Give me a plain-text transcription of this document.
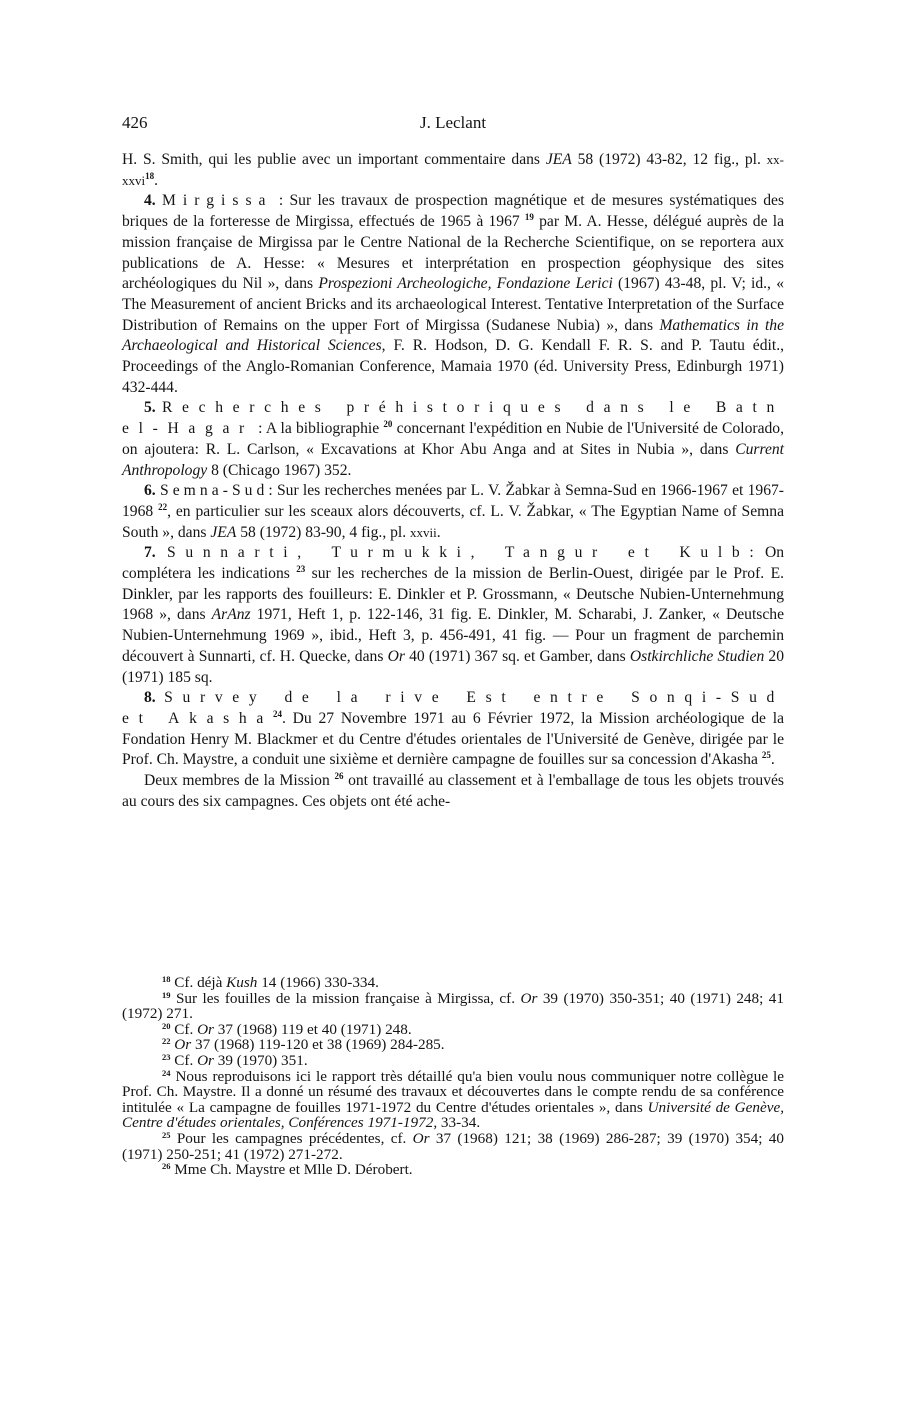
426	J. Leclant

H. S. Smith, qui les publie avec un important commentaire dans JEA 58 (1972) 43-82, 12 fig., pl. xx-xxvi$^{18}$.

4. Mirgissa : Sur les travaux de prospection magnétique et de mesures systématiques des briques de la forteresse de Mirgissa, effectués de 1965 à 1967 $^{19}$ par M. A. Hesse, délégué auprès de la mission française de Mirgissa par le Centre National de la Recherche Scientifique, on se reportera aux publications de A. Hesse: « Mesures et interprétation en prospection géophysique des sites archéologiques du Nil », dans Prospezioni Archeologiche, Fondazione Lerici (1967) 43-48, pl. V; id., « The Measurement of ancient Bricks and its archaeological Interest. Tentative Interpretation of the Surface Distribution of Remains on the upper Fort of Mirgissa (Sudanese Nubia) », dans Mathematics in the Archaeological and Historical Sciences, F. R. Hodson, D. G. Kendall F. R. S. and P. Tautu édit., Proceedings of the Anglo-Romanian Conference, Mamaia 1970 (éd. University Press, Edinburgh 1971) 432-444.

5. Recherches préhistoriques dans le Batn el-Hagar : A la bibliographie $^{20}$ concernant l'expédition en Nubie de l'Université de Colorado, on ajoutera: R. L. Carlson, « Excavations at Khor Abu Anga and at Sites in Nubia », dans Current Anthropology 8 (Chicago 1967) 352.

6. Semna-Sud: Sur les recherches menées par L. V. Žabkar à Semna-Sud en 1966-1967 et 1967-1968 $^{22}$, en particulier sur les sceaux alors découverts, cf. L. V. Žabkar, « The Egyptian Name of Semna South », dans JEA 58 (1972) 83-90, 4 fig., pl. xxvii.

7. Sunnarti, Turmukki, Tangur et Kulb: On complétera les indications $^{23}$ sur les recherches de la mission de Berlin-Ouest, dirigée par le Prof. E. Dinkler, par les rapports des fouilleurs: E. Dinkler et P. Grossmann, « Deutsche Nubien-Unternehmung 1968 », dans ArAnz 1971, Heft 1, p. 122-146, 31 fig. E. Dinkler, M. Scharabi, J. Zanker, « Deutsche Nubien-Unternehmung 1969 », ibid., Heft 3, p. 456-491, 41 fig. — Pour un fragment de parchemin découvert à Sunnarti, cf. H. Quecke, dans Or 40 (1971) 367 sq. et Gamber, dans Ostkirchliche Studien 20 (1971) 185 sq.

8. Survey de la rive Est entre Sonqi-Sud et Akasha$^{24}$. Du 27 Novembre 1971 au 6 Février 1972, la Mission archéologique de la Fondation Henry M. Blackmer et du Centre d'études orientales de l'Université de Genève, dirigée par le Prof. Ch. Maystre, a conduit une sixième et dernière campagne de fouilles sur sa concession d'Akasha $^{25}$.

Deux membres de la Mission $^{26}$ ont travaillé au classement et à l'emballage de tous les objets trouvés au cours des six campagnes. Ces objets ont été ache-

$^{18}$ Cf. déjà Kush 14 (1966) 330-334.

$^{19}$ Sur les fouilles de la mission française à Mirgissa, cf. Or 39 (1970) 350-351; 40 (1971) 248; 41 (1972) 271.

$^{20}$ Cf. Or 37 (1968) 119 et 40 (1971) 248.

$^{22}$ Or 37 (1968) 119-120 et 38 (1969) 284-285.

$^{23}$ Cf. Or 39 (1970) 351.

$^{24}$ Nous reproduisons ici le rapport très détaillé qu'a bien voulu nous communiquer notre collègue le Prof. Ch. Maystre. Il a donné un résumé des travaux et découvertes dans le compte rendu de sa conférence intitulée « La campagne de fouilles 1971-1972 du Centre d'études orientales », dans Université de Genève, Centre d'études orientales, Conférences 1971-1972, 33-34.

$^{25}$ Pour les campagnes précédentes, cf. Or 37 (1968) 121; 38 (1969) 286-287; 39 (1970) 354; 40 (1971) 250-251; 41 (1972) 271-272.

$^{26}$ Mme Ch. Maystre et Mlle D. Dérobert.
